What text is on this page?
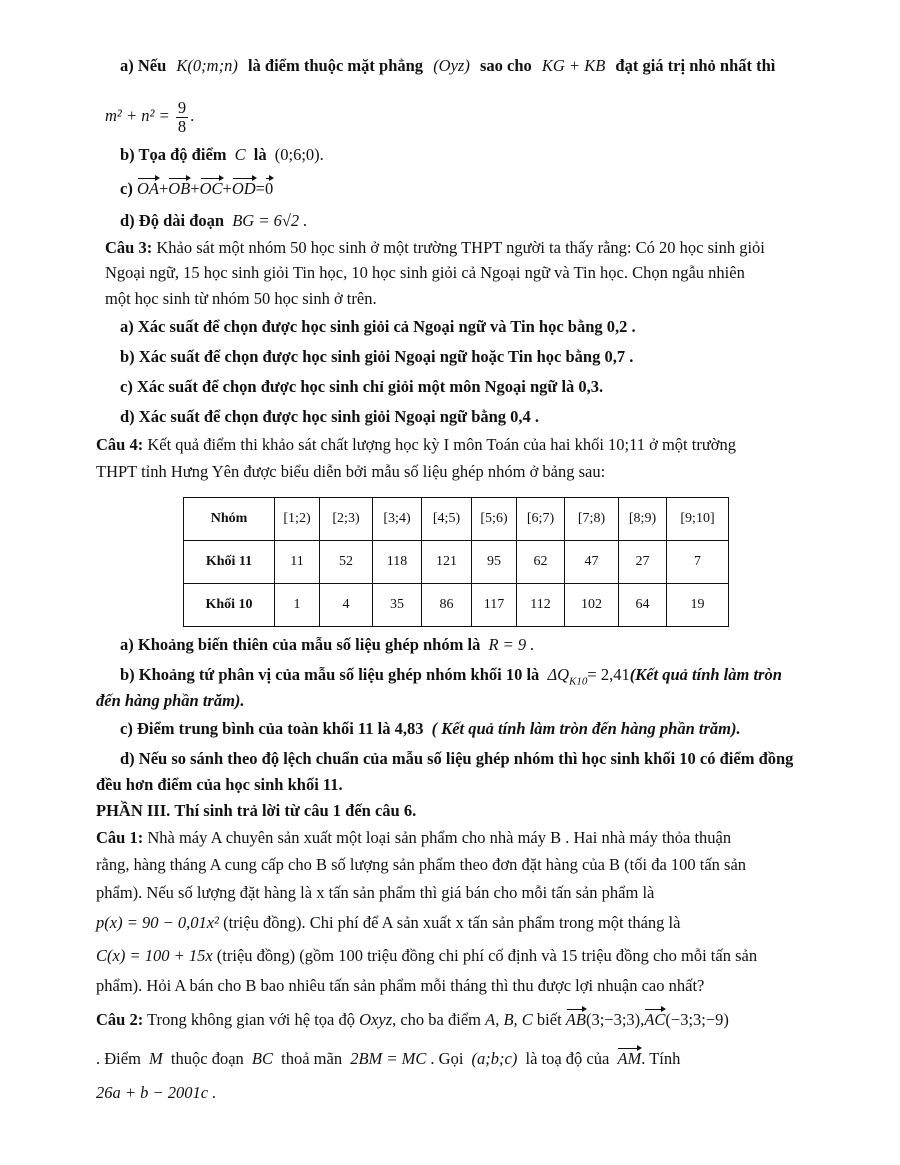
a) Nếu K(0;m;n) là điểm thuộc mặt phẳng (Oyz) sao cho KG + KB đạt giá trị nhỏ nhất thì
$m^2 + n^2 = \frac{9}{8}$ .
b) Tọa độ điểm C là (0;6;0).
c) OA+OB+OC+OD=0
d) Độ dài đoạn BG = 6√2 .
Câu 3: Khảo sát một nhóm 50 học sinh ở một trường THPT người ta thấy rằng: Có 20 học sinh giỏi
Ngoại ngữ, 15 học sinh giỏi Tin học, 10 học sinh giỏi cả Ngoại ngữ và Tin học. Chọn ngẫu nhiên
một học sinh từ nhóm 50 học sinh ở trên.
a) Xác suất để chọn được học sinh giỏi cả Ngoại ngữ và Tin học bằng 0,2 .
b) Xác suất để chọn được học sinh giỏi Ngoại ngữ hoặc Tin học bằng 0,7 .
c) Xác suất để chọn được học sinh chỉ giỏi một môn Ngoại ngữ là 0,3.
d) Xác suất để chọn được học sinh giỏi Ngoại ngữ bằng 0,4 .
Câu 4: Kết quả điểm thi khảo sát chất lượng học kỳ I môn Toán của hai khối 10;11 ở một trường
THPT tỉnh Hưng Yên được biểu diễn bởi mẫu số liệu ghép nhóm ở bảng sau:
Nhóm	[1;2)	[2;3)	[3;4)	[4;5)	[5;6)	[6;7)	[7;8)	[8;9)	[9;10]
Khối 11	11	52	118	121	95	62	47	27	7
Khối 10	1	4	35	86	117	112	102	64	19
a) Khoảng biến thiên của mẫu số liệu ghép nhóm là R = 9 .
b) Khoảng tứ phân vị của mẫu số liệu ghép nhóm khối 10 là $\Delta Q_{K10}=$ 2,41(Kết quả tính làm tròn
đến hàng phần trăm).
c) Điểm trung bình của toàn khối 11 là 4,83 ( Kết quả tính làm tròn đến hàng phần trăm).
d) Nếu so sánh theo độ lệch chuẩn của mẫu số liệu ghép nhóm thì học sinh khối 10 có điểm đồng
đều hơn điểm của học sinh khối 11.
PHẦN III. Thí sinh trả lời từ câu 1 đến câu 6.
Câu 1: Nhà máy A chuyên sản xuất một loại sản phẩm cho nhà máy B . Hai nhà máy thỏa thuận
rằng, hàng tháng A cung cấp cho B số lượng sản phẩm theo đơn đặt hàng của B (tối đa 100 tấn sản
phẩm). Nếu số lượng đặt hàng là x tấn sản phẩm thì giá bán cho mỗi tấn sản phẩm là
p(x) = 90 − 0,01x² (triệu đồng). Chi phí để A sản xuất x tấn sản phẩm trong một tháng là
C(x) = 100 + 15x (triệu đồng) (gồm 100 triệu đồng chi phí cố định và 15 triệu đồng cho mỗi tấn sản
phẩm). Hỏi A bán cho B bao nhiêu tấn sản phẩm mỗi tháng thì thu được lợi nhuận cao nhất?
Câu 2: Trong không gian với hệ tọa độ Oxyz, cho ba điểm A, B, C biết AB(3;−3;3),AC(−3;3;−9)
. Điểm M thuộc đoạn BC thoả mãn 2BM = MC . Gọi (a;b;c) là toạ độ của AM. Tính
26a + b − 2001c .
